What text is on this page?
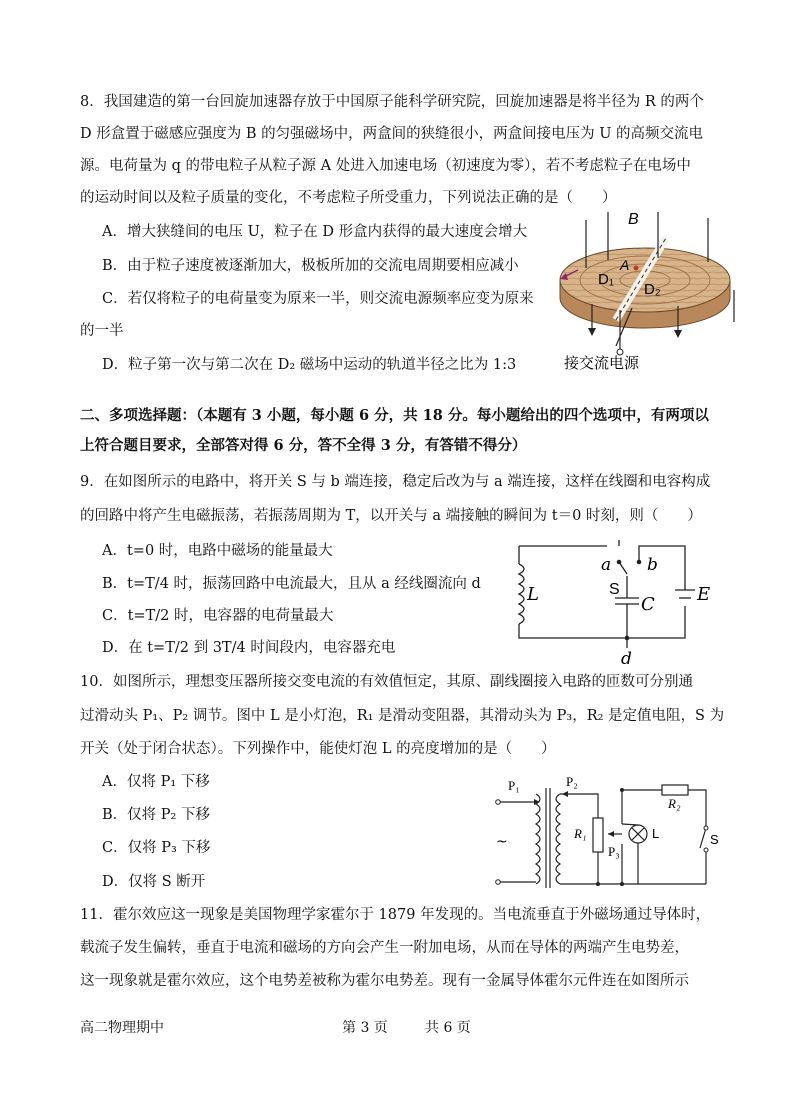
8．我国建造的第一台回旋加速器存放于中国原子能科学研究院，回旋加速器是将半径为 R 的两个
D 形盒置于磁感应强度为 B 的匀强磁场中，两盒间的狭缝很小，两盒间接电压为 U 的高频交流电
源。电荷量为 q 的带电粒子从粒子源 A 处进入加速电场（初速度为零），若不考虑粒子在电场中
的运动时间以及粒子质量的变化，不考虑粒子所受重力，下列说法正确的是（　　）
A．增大狭缝间的电压 U，粒子在 D 形盒内获得的最大速度会增大
B．由于粒子速度被逐渐加大，极板所加的交流电周期要相应减小
C．若仅将粒子的电荷量变为原来一半，则交流电源频率应变为原来
的一半
D．粒子第一次与第二次在 D₂ 磁场中运动的轨道半径之比为 1:3
B
A
D₁
D₂
接交流电源
二、多项选择题：（本题有 3 小题，每小题 6 分，共 18 分。每小题给出的四个选项中，有两项以
上符合题目要求，全部答对得 6 分，答不全得 3 分，有答错不得分）
9．在如图所示的电路中，将开关 S 与 b 端连接，稳定后改为与 a 端连接，这样在线圈和电容构成
的回路中将产生电磁振荡，若振荡周期为 T，以开关与 a 端接触的瞬间为 t＝0 时刻，则（　　）
A．t=0 时，电路中磁场的能量最大
B．t=T/4 时，振荡回路中电流最大，且从 a 经线圈流向 d
C．t=T/2 时，电容器的电荷量最大
D．在 t=T/2 到 3T/4 时间段内，电容器充电
a b
S
L	C E
d
10．如图所示，理想变压器所接交变电流的有效值恒定，其原、副线圈接入电路的匝数可分别通
过滑动头 P₁、P₂ 调节。图中 L 是小灯泡，R₁ 是滑动变阻器，其滑动头为 P₃，R₂ 是定值电阻，S 为
开关（处于闭合状态）。下列操作中，能使灯泡 L 的亮度增加的是（　　）
A．仅将 P₁ 下移
B．仅将 P₂ 下移
C．仅将 P₃ 下移
D．仅将 S 断开
P₁	P₂
R₁
P₃
L
R₂
S
~
11．霍尔效应这一现象是美国物理学家霍尔于 1879 年发现的。当电流垂直于外磁场通过导体时，
载流子发生偏转，垂直于电流和磁场的方向会产生一附加电场，从而在导体的两端产生电势差，
这一现象就是霍尔效应，这个电势差被称为霍尔电势差。现有一金属导体霍尔元件连在如图所示
高二物理期中	第 3 页	共 6 页
